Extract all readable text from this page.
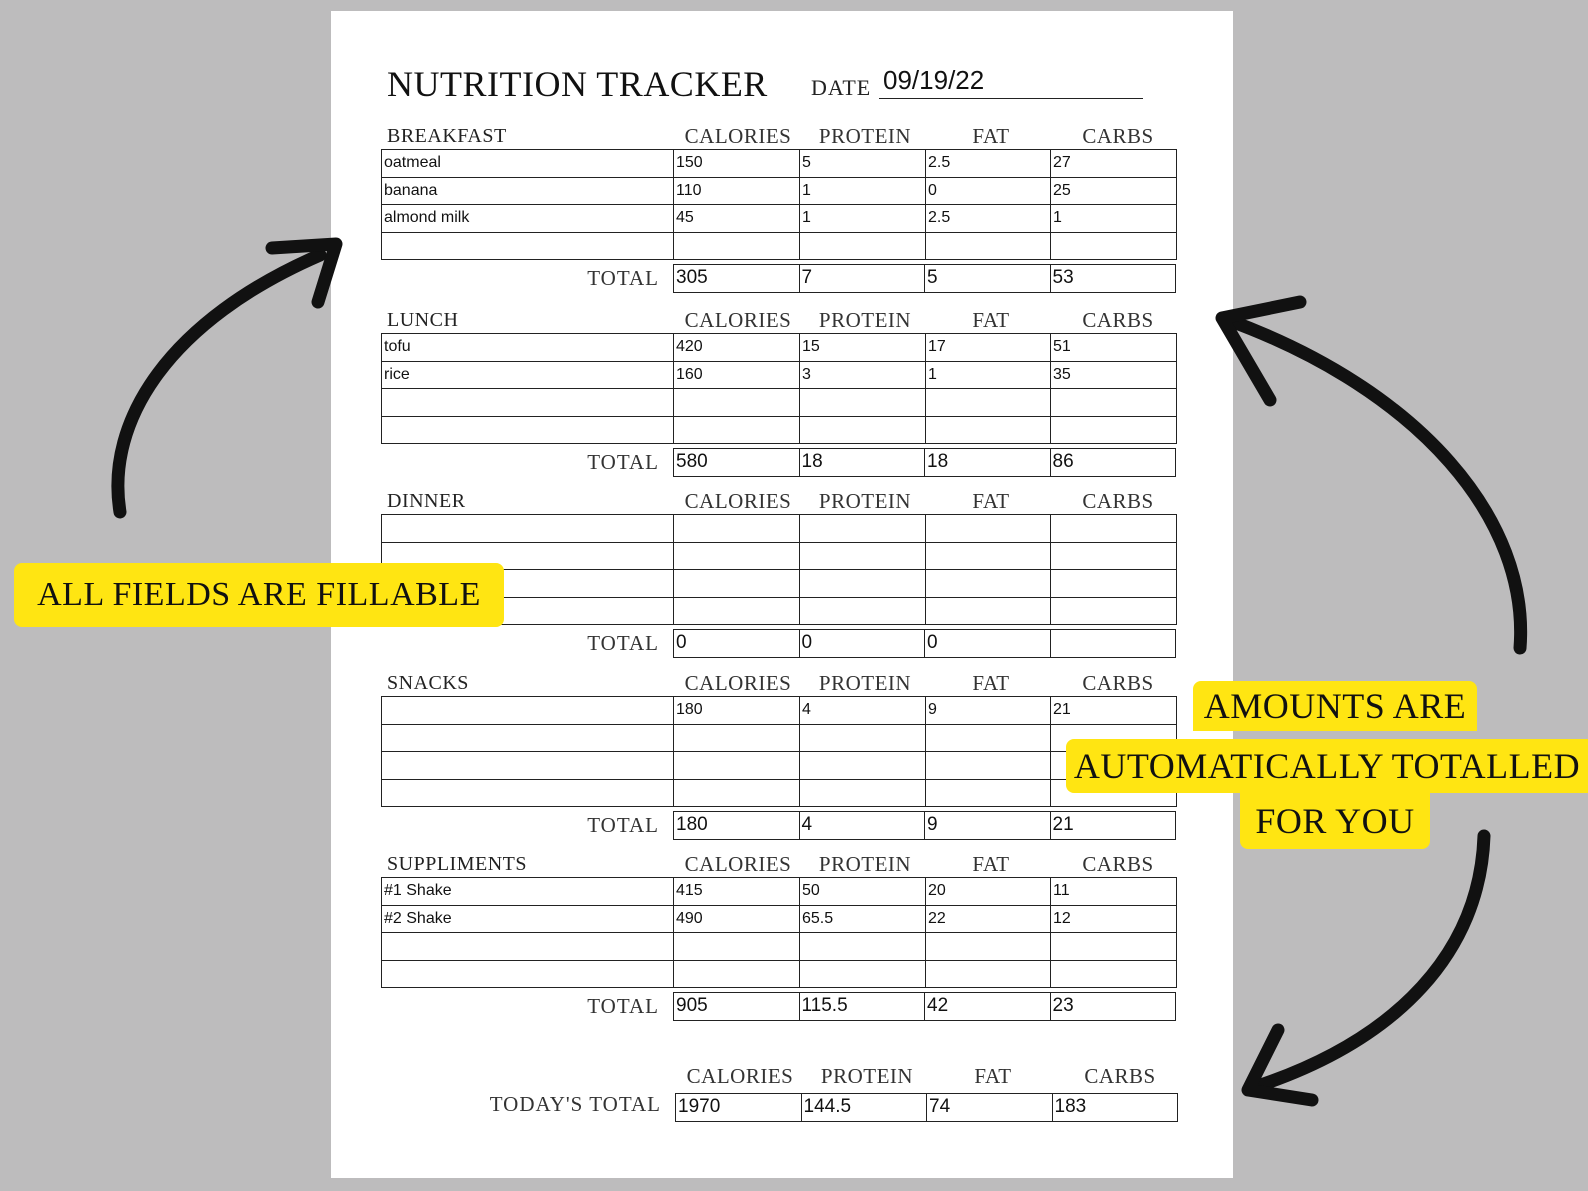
NUTRITION TRACKER DATE 09/19/22
BREAKFAST	CALORIES	PROTEIN	FAT	CARBS
oatmeal	150	5	2.5	27
banana	110	1	0	25
almond milk	45	1	2.5	1

TOTAL 305	7	5	53
LUNCH	CALORIES	PROTEIN	FAT	CARBS
tofu	420	15	17	51
rice	160	3	1	35

TOTAL 580	18	18	86
DINNER	CALORIES	PROTEIN	FAT	CARBS

TOTAL 0	0	0	
SNACKS	CALORIES	PROTEIN	FAT	CARBS
	180	4	9	21

TOTAL 180	4	9	21
SUPPLIMENTS	CALORIES	PROTEIN	FAT	CARBS
#1 Shake	415	50	20	11
#2 Shake	490	65.5	22	12

TOTAL 905	115.5	42	23
CALORIES	PROTEIN	FAT	CARBS
TODAY'S TOTAL 1970	144.5	74	183
ALL FIELDS ARE FILLABLE
AMOUNTS ARE
AUTOMATICALLY TOTALLED
FOR YOU
